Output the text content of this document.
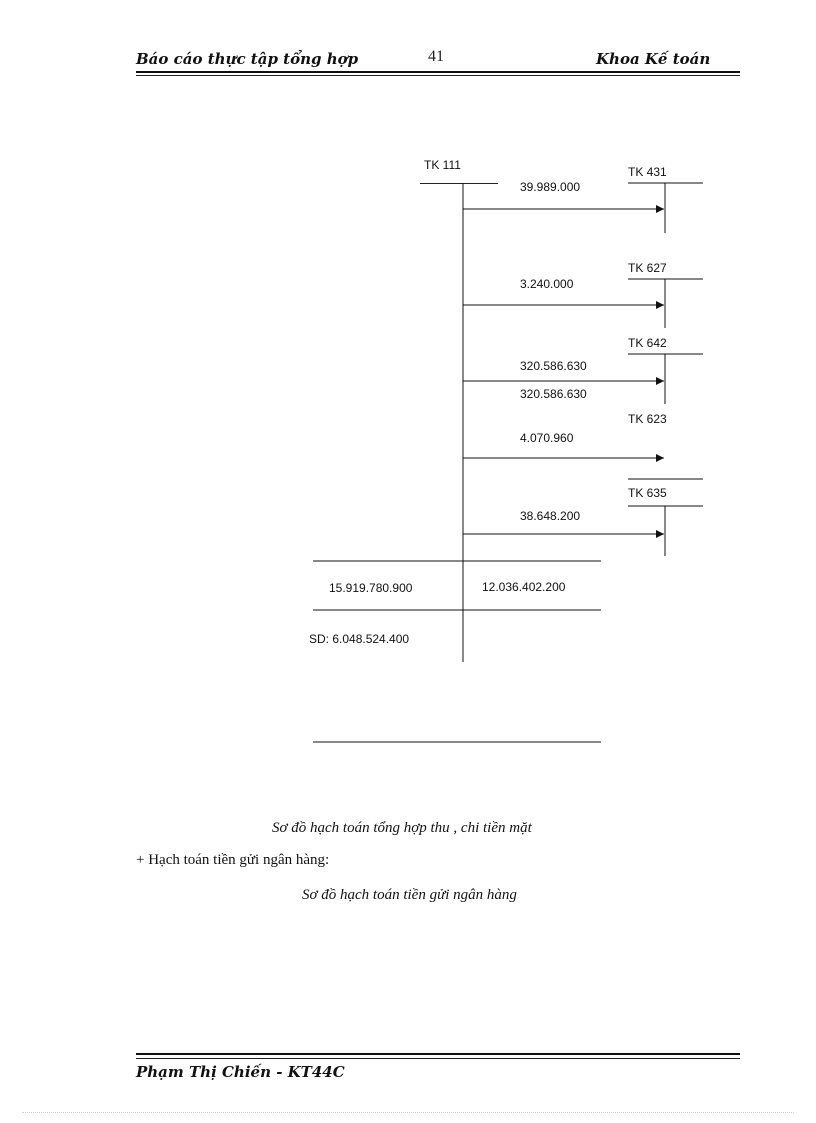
Báo cáo thực tập tổng hợp	41	Khoa Kế toán
TK 111	TK 431
39.989.000
TK 627
3.240.000
TK 642
320.586.630
320.586.630
TK 623
4.070.960
TK 635
38.648.200
15.919.780.900	12.036.402.200
SD: 6.048.524.400
Sơ đồ hạch toán tổng hợp thu , chi tiền mặt
+ Hạch toán tiền gửi ngân hàng:
Sơ đồ hạch toán tiền gửi ngân hàng
Phạm Thị Chiến - KT44C
